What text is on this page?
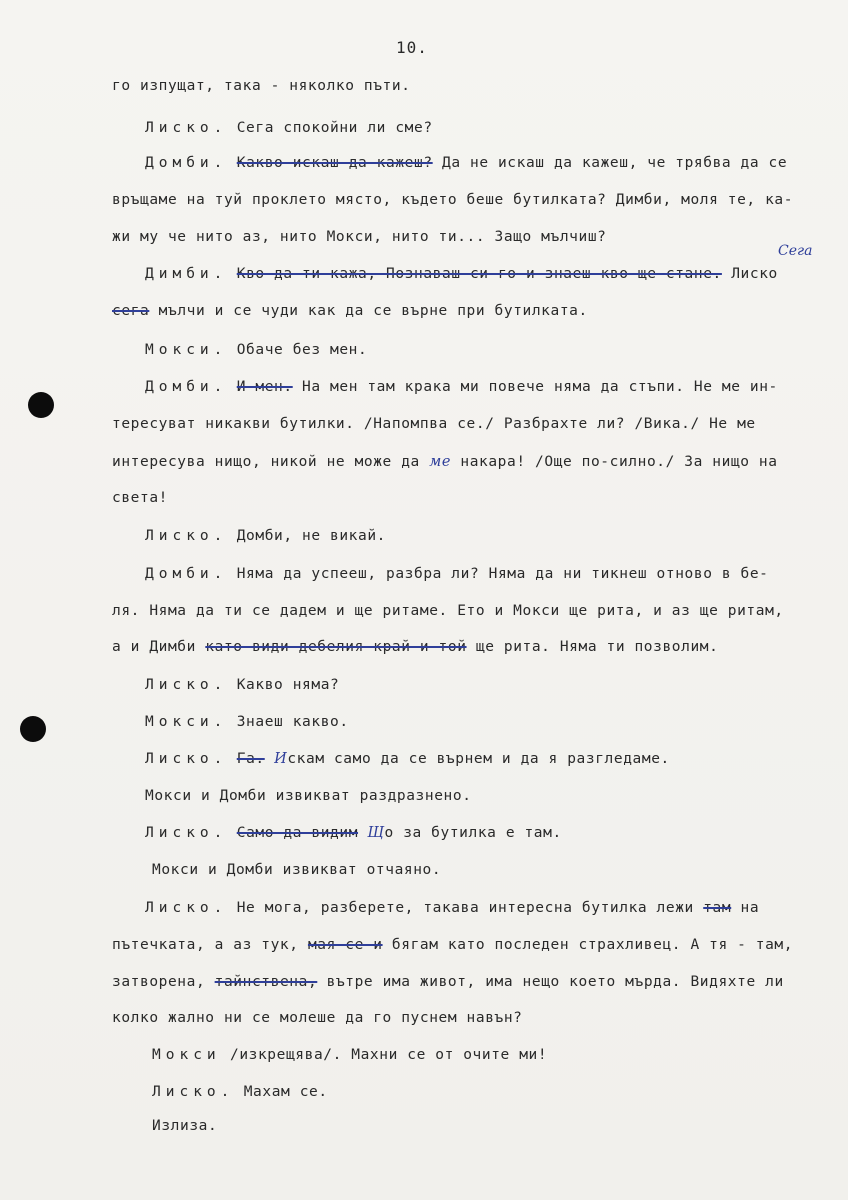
10.
го изпущат, така - няколко пъти.
Лиско. Сега спокойни ли сме?
Домби. Какво искаш да кажеш? Да не искаш да кажеш, че трябва да се
връщаме на туй проклето място, където беше бутилката? Димби, моля те, ка-
жи му че нито аз, нито Мокси, нито ти... Защо мълчиш?
Сега
Димби. Кво да ти кажа, Познаваш си го и знаеш кво ще стане. Лиско
сега мълчи и се чуди как да се върне при бутилката.
Мокси. Обаче без мен.
Домби. И мен. На мен там крака ми повече няма да стъпи. Не ме ин-
тересуват никакви бутилки. /Напомпва се./ Разбрахте ли? /Вика./ Не ме
интересува нищо, никой не може да ме накара! /Още по-силно./ За нищо на
света!
Лиско. Домби, не викай.
Домби. Няма да успееш, разбра ли? Няма да ни тикнеш отново в бе-
ля. Няма да ти се дадем и ще ритаме. Ето и Мокси ще рита, и аз ще ритам,
а и Димби като види дебелия край и той ще рита. Няма ти позволим.
Лиско. Какво няма?
Мокси. Знаеш какво.
Лиско. Га. Искам само да се върнем и да я разгледаме.
Мокси и Домби извикват раздразнено.
Лиско. Само да видим Що за бутилка е там.
Мокси и Домби извикват отчаяно.
Лиско. Не мога, разберете, такава интересна бутилка лежи там на
пътечката, а аз тук, мая се и бягам като последен страхливец. А тя - там,
затворена, тайнствена, вътре има живот, има нещо което мърда. Видяхте ли
колко жално ни се молеше да го пуснем навън?
Мокси /изкрещява/. Махни се от очите ми!
Лиско. Махам се.
Излиза.
